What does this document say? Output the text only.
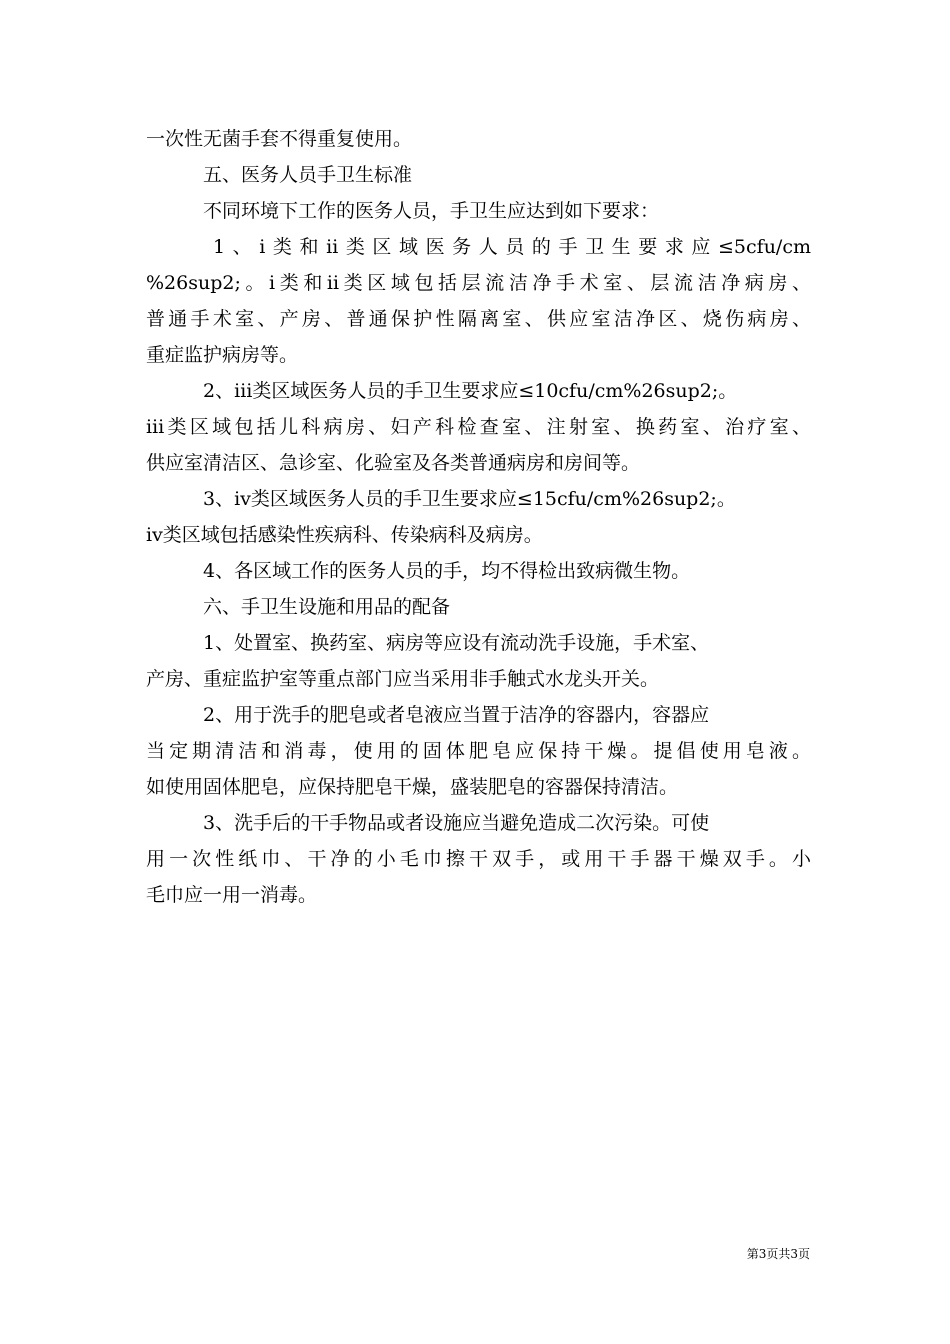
一次性无菌手套不得重复使用。
五、医务人员手卫生标准
不同环境下工作的医务人员，手卫生应达到如下要求：
1、ⅰ类和ⅱ类区域医务人员的手卫生要求应≤5cfu/cm
%26sup2;。ⅰ类和ⅱ类区域包括层流洁净手术室、层流洁净病房、
普通手术室、产房、普通保护性隔离室、供应室洁净区、烧伤病房、
重症监护病房等。
2、ⅲ类区域医务人员的手卫生要求应≤10cfu/cm%26sup2;。
ⅲ类区域包括儿科病房、妇产科检查室、注射室、换药室、治疗室、
供应室清洁区、急诊室、化验室及各类普通病房和房间等。
3、ⅳ类区域医务人员的手卫生要求应≤15cfu/cm%26sup2;。
ⅳ类区域包括感染性疾病科、传染病科及病房。
4、各区域工作的医务人员的手，均不得检出致病微生物。
六、手卫生设施和用品的配备
1、处置室、换药室、病房等应设有流动洗手设施，手术室、
产房、重症监护室等重点部门应当采用非手触式水龙头开关。
2、用于洗手的肥皂或者皂液应当置于洁净的容器内，容器应
当定期清洁和消毒，使用的固体肥皂应保持干燥。提倡使用皂液。
如使用固体肥皂，应保持肥皂干燥，盛装肥皂的容器保持清洁。
3、洗手后的干手物品或者设施应当避免造成二次污染。可使
用一次性纸巾、干净的小毛巾擦干双手，或用干手器干燥双手。小
毛巾应一用一消毒。
第3页共3页
